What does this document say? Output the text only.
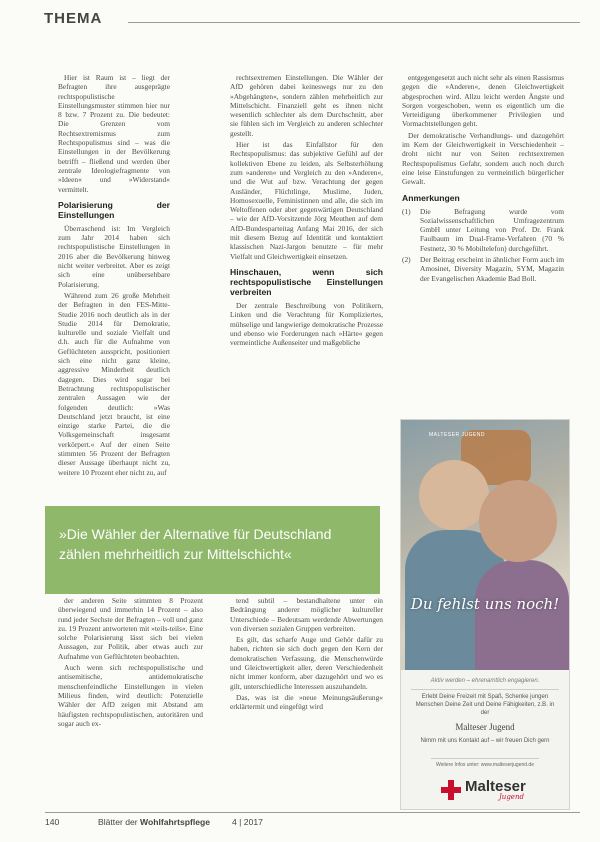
THEMA

Hier ist Raum ist – liegt der Befragten ihre ausgeprägte rechtspopulistische Einstellungsmuster stimmen hier nur 8 bzw. 7 Prozent zu. Die bedeutet: Die Grenzen vom Rechtsextremismus zum Rechtspopulismus sind – was die Einstellungen in der Bevölkerung betrifft – fließend und werden über zentrale Ideologiefragmente von »Ideen« und »Widerstand« vermittelt.

Polarisierung der Einstellungen

Überraschend ist: Im Vergleich zum Jahr 2014 haben sich rechtspopulistische Einstellungen in 2016 aber die Bevölkerung hinweg nicht weiter verbreitet. Aber es zeigt sich eine unübersehbare Polarisierung.

Während zum 26 große Mehrheit der Befragten in den FES-Mitte-Studie 2016 noch deutlich als in der Studie 2014 für Demokratie, kulturelle und soziale Vielfalt und d.h. auch für die Aufnahme von Geflüchteten ausspricht, positioniert sich eine nicht ganz kleine, aggressive Minderheit deutlich dagegen. Dies wird sogar bei Betrachtung rechtspopulistischer zentralen Aussagen wie der folgenden deutlich: »Was Deutschland jetzt braucht, ist eine einzige starke Partei, die die Volksgemeinschaft insgesamt verkörpert.« Auf der einen Seite stimmten 56 Prozent der Befragten dieser Aussage überhaupt nicht zu, weitere 10 Prozent eher nicht zu, auf

rechtsextremen Einstellungen. Die Wähler der AfD gehören dabei keineswegs nur zu den »Abgehängten«, sondern zählen mehrheitlich zur Mittelschicht. Finanziell geht es ihnen nicht wesentlich schlechter als dem Durchschnitt, aber sie fühlen sich im Vergleich zu anderen schlechter gestellt.

Hier ist das Einfallstor für den Rechtspopulismus: das subjektive Gefühl auf der kollektiven Ebene zu leiden, als Selbsterhöhung zum »anderen« und Vergleich zu den »Anderen«, und die Wut auf bzw. Verachtung der gegen Ausländer, Flüchtlinge, Muslime, Juden, Homosexuelle, Feministinnen und alle, die sich im Weltoffenen oder aber gegenwärtigen Deutschland – wie der AfD-Vorsitzende Jörg Meuthen auf dem AfD-Bundesparteitag Anfang Mai 2016, der sich mit diesem Bezug auf Identität und kontaktiert klassischen Nazi-Jargon benutzte – für mehr Vielfalt und Gleichwertigkeit einsetzen.

Hinschauen, wenn sich rechtspopulistische Einstellungen verbreiten

Der zentrale Beschreibung von Politikern, Linken und die Verachtung für Kompliziertes, mühselige und langwierige demokratische Prozesse und ebenso wie Forderungen nach »Härte« gegen vermeintliche Außenseiter und maßgebliche

entgegengesetzt auch nicht sehr als einen Rassismus gegen die »Anderen«, denen Gleichwertigkeit abgesprochen wird. Allzu leicht werden Ängste und Sorgen vorgeschoben, wenn es eigentlich um die Verteidigung überkommener Privilegien und Vormachtstellungen geht.

Der demokratische Verhandlungs- und dazugehört im Kern der Gleichwertigkeit in Verschiedenheit – droht nicht nur von Seiten rechtsextremen Rechtspopulismus Gefahr, sondern auch noch durch eine leise Einstufungen zu vermeintlich bürgerlicher Gewalt.

Anmerkungen
(1)	Die Befragung wurde vom Sozialwissenschaftlichen Umfragezentrum GmbH unter Leitung von Prof. Dr. Frank Faulbaum im Dual-Frame-Verfahren (70 % Festnetz, 30 % Mobiltelefon) durchgeführt.
(2)	Der Beitrag erscheint in ähnlicher Form auch im Amosinet, Diversity Magazin, SYM, Magazin der Evangelischen Akademie Bad Boll.
»Die Wähler der Alternative für Deutschland zählen mehrheitlich zur Mittelschicht«

der anderen Seite stimmten 8 Prozent überwiegend und immerhin 14 Prozent – also rund jeder Sechste der Befragten – voll und ganz zu. 19 Prozent antworteten mit »teils-teils«. Eine solche Polarisierung lässt sich bei vielen Aussagen, zur Politik, aber etwas auch zur Aufnahme von Geflüchteten beobachten.

Auch wenn sich rechtspopulistische und antisemitische, antidemokratische menschenfeindliche Einstellungen in vielen Milieus finden, wird deutlich: Potenzielle Wähler der AfD zeigen mit Abstand am häufigsten rechtspopulistischen, autoritären und sogar auch ex-

tend subtil – bestandhaltene unter ein Bedrängung anderer möglicher kultureller Unterschiede – Bedeutsam werdende Abwertungen von diversen sozialen Gruppen verbreiten.

Es gilt, das scharfe Auge und Gehör dafür zu haben, richten sie sich doch gegen den Kern der demokratischen Verfassung, die Menschenwürde und Gleichwertigkeit aller, deren Verschiedenheit nicht immer konform, aber dazugehört und wo es gilt, unterschiedliche Interessen auszuhandeln.

Das, was ist die »neue Meinungsäußerung« erklärtermit und eingefügt wird

MALTESER JUGEND
Du fehlst uns noch!
Aktiv werden – ehrenamtlich engagieren.
Erlebt Deine Freizeit mit Spaß, Schenke jungen Menschen Deine Zeit und Deine Fähigkeiten, z.B. in der
Malteser Jugend
Nimm mit uns Kontakt auf – wir freuen Dich gern
Weitere Infos unter: www.malteserjugend.de
Malteser
Jugend
140	Blätter der Wohlfahrtspflege	4 | 2017
